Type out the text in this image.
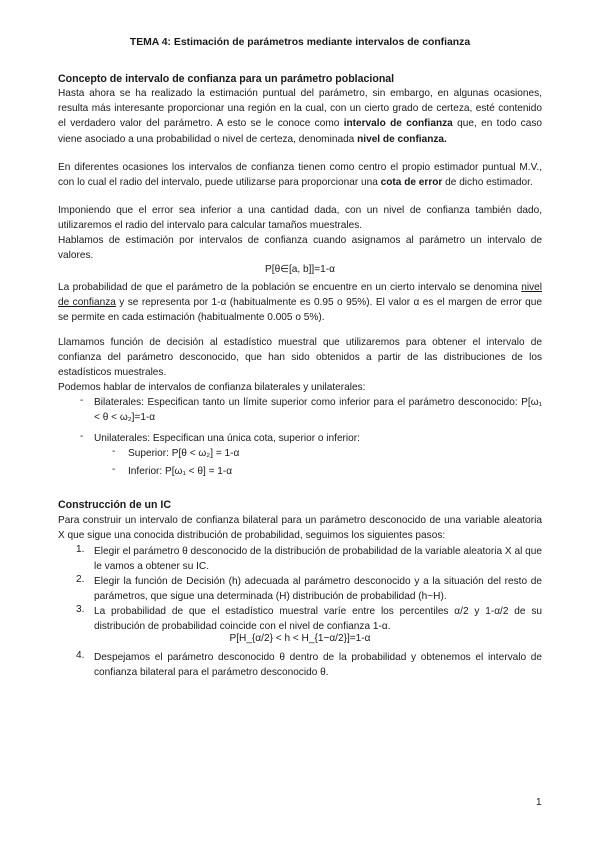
TEMA 4: Estimación de parámetros mediante intervalos de confianza
Concepto de intervalo de confianza para un parámetro poblacional
Hasta ahora se ha realizado la estimación puntual del parámetro, sin embargo, en algunas ocasiones, resulta más interesante proporcionar una región en la cual, con un cierto grado de certeza, esté contenido el verdadero valor del parámetro. A esto se le conoce como intervalo de confianza que, en todo caso viene asociado a una probabilidad o nivel de certeza, denominada nivel de confianza.
En diferentes ocasiones los intervalos de confianza tienen como centro el propio estimador puntual M.V., con lo cual el radio del intervalo, puede utilizarse para proporcionar una cota de error de dicho estimador.
Imponiendo que el error sea inferior a una cantidad dada, con un nivel de confianza también dado, utilizaremos el radio del intervalo para calcular tamaños muestrales.
Hablamos de estimación por intervalos de confianza cuando asignamos al parámetro un intervalo de valores.
P[θ∈[a, b]]=1-α
La probabilidad de que el parámetro de la población se encuentre en un cierto intervalo se denomina nivel de confianza y se representa por 1-α (habitualmente es 0.95 o 95%). El valor α es el margen de error que se permite en cada estimación (habitualmente 0.005 o 5%).
Llamamos función de decisión al estadístico muestral que utilizaremos para obtener el intervalo de confianza del parámetro desconocido, que han sido obtenidos a partir de las distribuciones de los estadísticos muestrales.
Podemos hablar de intervalos de confianza bilaterales y unilaterales:
- Bilaterales: Especifican tanto un límite superior como inferior para el parámetro desconocido: P[ω₁ < θ < ω₂]=1-α
- Unilaterales: Especifican una única cota, superior o inferior:
- Superior: P[θ < ω₂] = 1-α
- Inferior: P[ω₁ < θ] = 1-α
Construcción de un IC
Para construir un intervalo de confianza bilateral para un parámetro desconocido de una variable aleatoria X que sigue una conocida distribución de probabilidad, seguimos los siguientes pasos:
1. Elegir el parámetro θ desconocido de la distribución de probabilidad de la variable aleatoria X al que le vamos a obtener su IC.
2. Elegir la función de Decisión (h) adecuada al parámetro desconocido y a la situación del resto de parámetros, que sigue una determinada (H) distribución de probabilidad (h~H).
3. La probabilidad de que el estadístico muestral varíe entre los percentiles α/2 y 1-α/2 de su distribución de probabilidad coincide con el nivel de confianza 1-α.
P[H_{α/2} < h < H_{1−α/2}]=1-α
4. Despejamos el parámetro desconocido θ dentro de la probabilidad y obtenemos el intervalo de confianza bilateral para el parámetro desconocido θ.
1
